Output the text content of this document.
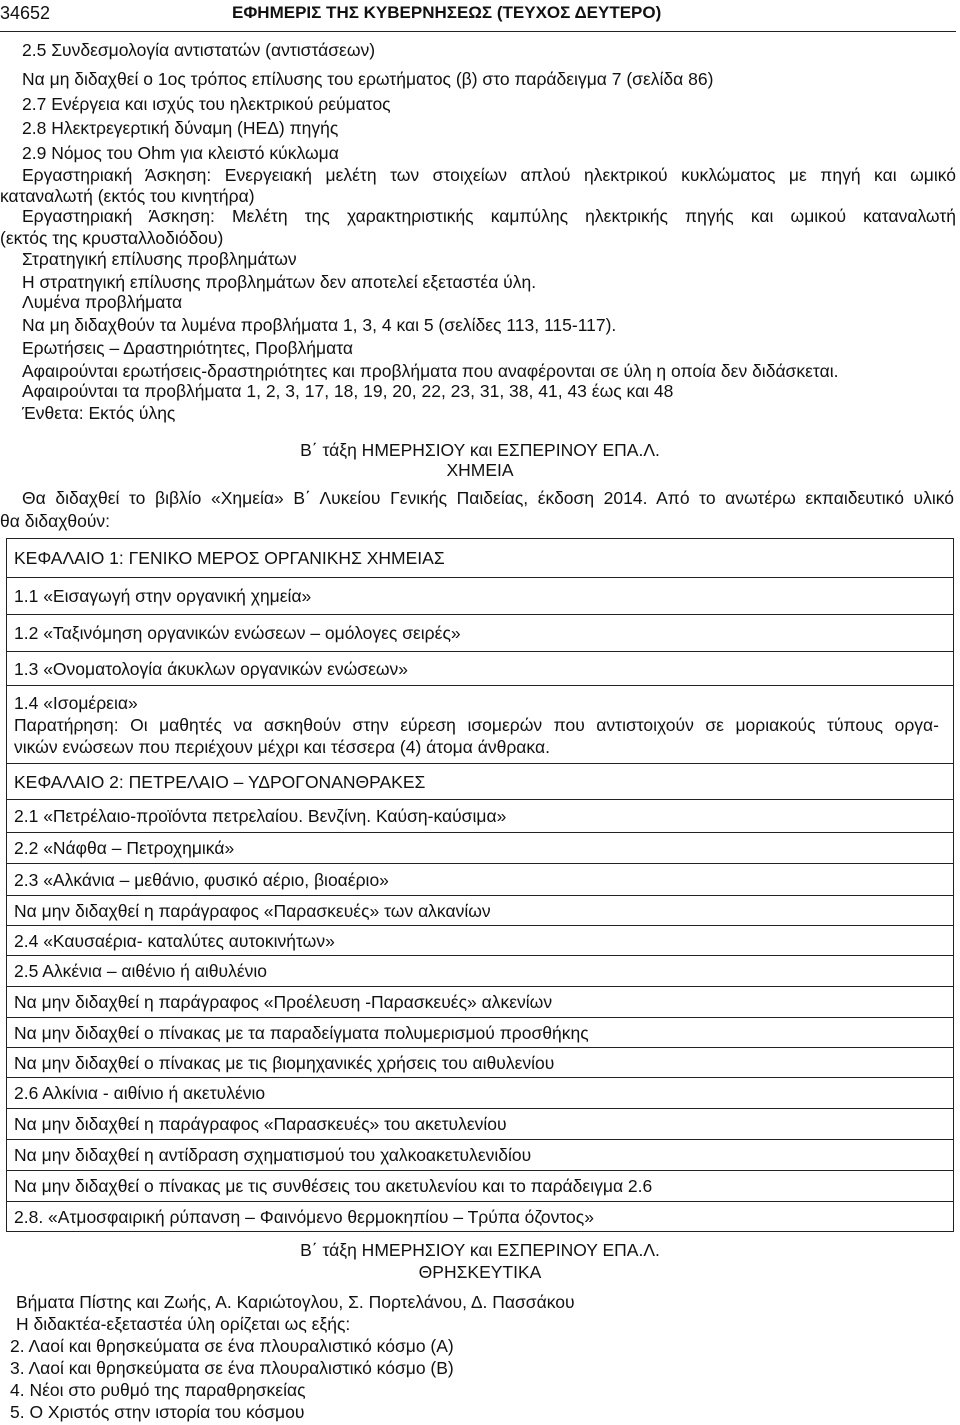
34652	ΕΦΗΜΕΡΙΣ ΤΗΣ ΚΥΒΕΡΝΗΣΕΩΣ (ΤΕΥΧΟΣ ΔΕΥΤΕΡΟ)
2.5 Συνδεσμολογία αντιστατών (αντιστάσεων)
Να μη διδαχθεί ο 1ος τρόπος επίλυσης του ερωτήματος (β) στο παράδειγμα 7 (σελίδα 86)
2.7 Ενέργεια και ισχύς του ηλεκτρικού ρεύματος
2.8 Ηλεκτρεγερτική δύναμη (ΗΕΔ) πηγής
2.9 Νόμος του Ohm για κλειστό κύκλωμα
Εργαστηριακή Άσκηση: Ενεργειακή μελέτη των στοιχείων απλού ηλεκτρικού κυκλώματος με πηγή και ωμικό
καταναλωτή (εκτός του κινητήρα)
Εργαστηριακή Άσκηση: Μελέτη της χαρακτηριστικής καμπύλης ηλεκτρικής πηγής και ωμικού καταναλωτή
(εκτός της κρυσταλλοδιόδου)
Στρατηγική επίλυσης προβλημάτων
Η στρατηγική επίλυσης προβλημάτων δεν αποτελεί εξεταστέα ύλη.
Λυμένα προβλήματα
Να μη διδαχθούν τα λυμένα προβλήματα 1, 3, 4 και 5 (σελίδες 113, 115-117).
Ερωτήσεις – Δραστηριότητες, Προβλήματα
Αφαιρούνται ερωτήσεις-δραστηριότητες και προβλήματα που αναφέρονται σε ύλη η οποία δεν διδάσκεται.
Αφαιρούνται τα προβλήματα 1, 2, 3, 17, 18, 19, 20, 22, 23, 31, 38, 41, 43 έως και 48
Ένθετα: Εκτός ύλης
Β΄ τάξη ΗΜΕΡΗΣΙΟΥ και ΕΣΠΕΡΙΝΟΥ ΕΠΑ.Λ.
ΧΗΜΕΙΑ
Θα διδαχθεί το βιβλίο «Χημεία» Β΄ Λυκείου Γενικής Παιδείας, έκδοση 2014. Από το ανωτέρω εκπαιδευτικό υλικό
θα διδαχθούν:
ΚΕΦΑΛΑΙΟ 1: ΓΕΝΙΚΟ ΜΕΡΟΣ ΟΡΓΑΝΙΚΗΣ ΧΗΜΕΙΑΣ
1.1 «Εισαγωγή στην οργανική χημεία»
1.2 «Ταξινόμηση οργανικών ενώσεων – ομόλογες σειρές»
1.3 «Ονοματολογία άκυκλων οργανικών ενώσεων»
1.4 «Ισομέρεια»
Παρατήρηση: Οι μαθητές να ασκηθούν στην εύρεση ισομερών που αντιστοιχούν σε μοριακούς τύπους οργα-
νικών ενώσεων που περιέχουν μέχρι και τέσσερα (4) άτομα άνθρακα.
ΚΕΦΑΛΑΙΟ 2: ΠΕΤΡΕΛΑΙΟ – ΥΔΡΟΓΟΝΑΝΘΡΑΚΕΣ
2.1 «Πετρέλαιο-προϊόντα πετρελαίου. Βενζίνη. Καύση-καύσιμα»
2.2 «Νάφθα – Πετροχημικά»
2.3 «Αλκάνια – μεθάνιο, φυσικό αέριο, βιοαέριο»
Να μην διδαχθεί η παράγραφος «Παρασκευές» των αλκανίων
2.4 «Καυσαέρια- καταλύτες αυτοκινήτων»
2.5 Αλκένια – αιθένιο ή αιθυλένιο
Να μην διδαχθεί η παράγραφος «Προέλευση -Παρασκευές» αλκενίων
Να μην διδαχθεί ο πίνακας με τα παραδείγματα πολυμερισμού προσθήκης
Να μην διδαχθεί ο πίνακας με τις βιομηχανικές χρήσεις του αιθυλενίου
2.6 Αλκίνια - αιθίνιο ή ακετυλένιο
Να μην διδαχθεί η παράγραφος «Παρασκευές» του ακετυλενίου
Να μην διδαχθεί η αντίδραση σχηματισμού του χαλκοακετυλενιδίου
Να μην διδαχθεί ο πίνακας με τις συνθέσεις του ακετυλενίου και το παράδειγμα 2.6
2.8. «Ατμοσφαιρική ρύπανση – Φαινόμενο θερμοκηπίου – Τρύπα όζοντος»
Β΄ τάξη ΗΜΕΡΗΣΙΟΥ και ΕΣΠΕΡΙΝΟΥ ΕΠΑ.Λ.
ΘΡΗΣΚΕΥΤΙΚΑ
Βήματα Πίστης και Ζωής, Α. Καριώτογλου, Σ. Πορτελάνου, Δ. Πασσάκου
Η διδακτέα-εξεταστέα ύλη ορίζεται ως εξής:
2. Λαοί και θρησκεύματα σε ένα πλουραλιστικό κόσμο (Α)
3. Λαοί και θρησκεύματα σε ένα πλουραλιστικό κόσμο (Β)
4. Νέοι στο ρυθμό της παραθρησκείας
5. Ο Χριστός στην ιστορία του κόσμου
